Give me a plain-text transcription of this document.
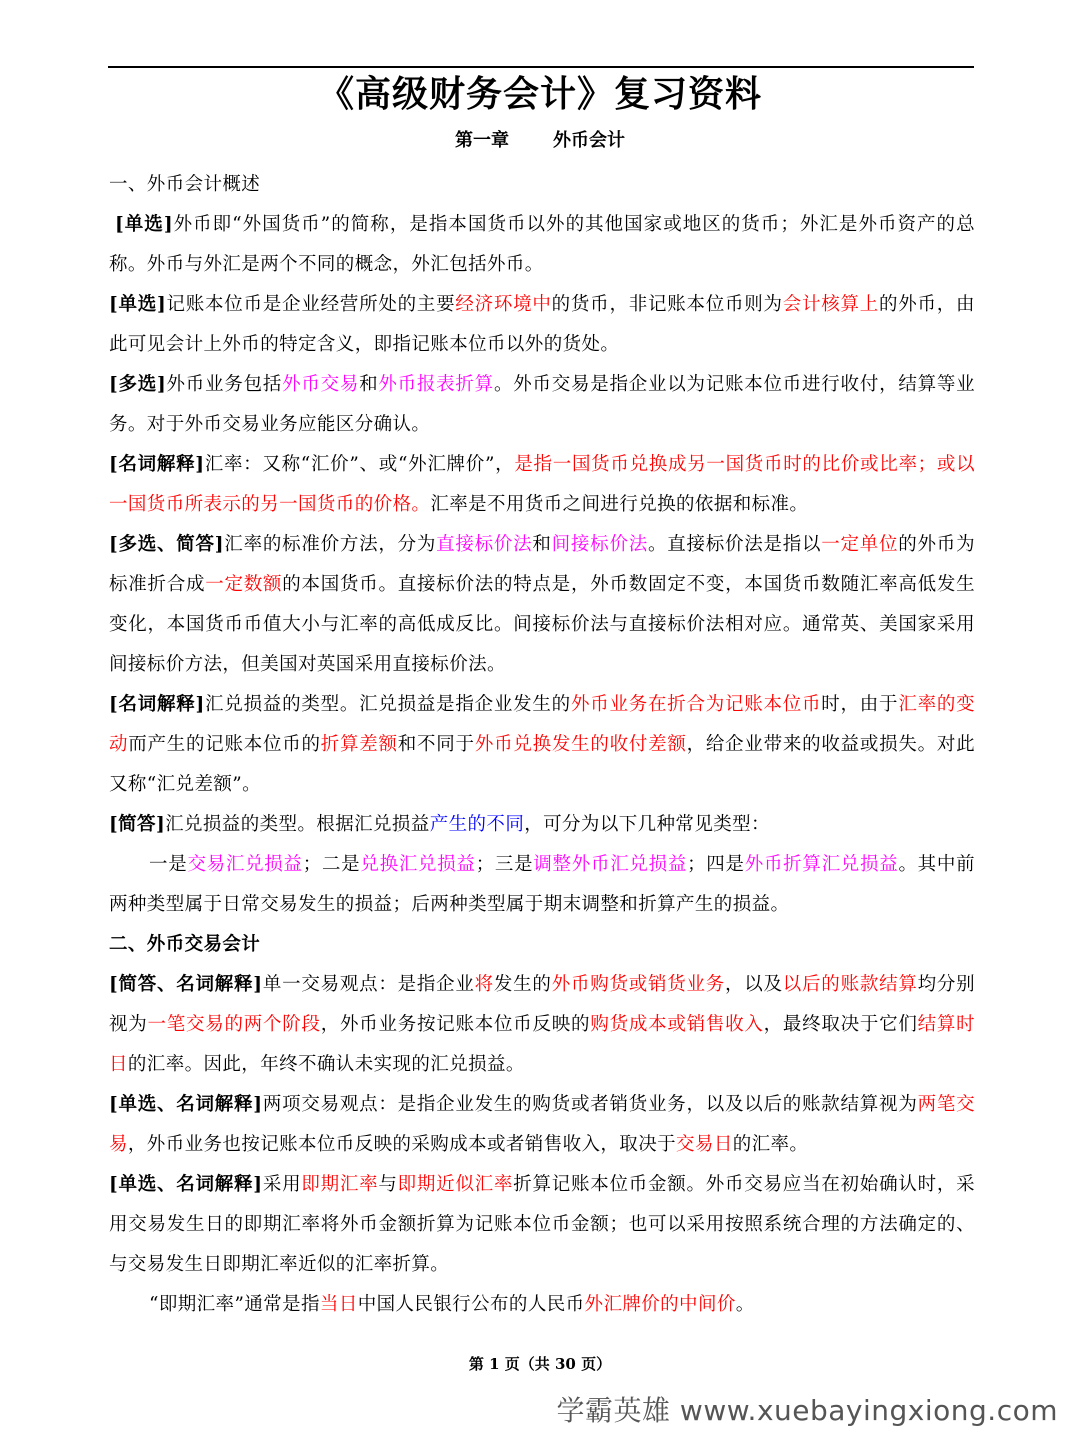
《高级财务会计》复习资料
第一章 外币会计

一、外币会计概述

[单选]外币即“外国货币”的简称，是指本国货币以外的其他国家或地区的货币；外汇是外币资产的总称。外币与外汇是两个不同的概念，外汇包括外币。

[单选]记账本位币是企业经营所处的主要经济环境中的货币，非记账本位币则为会计核算上的外币，由此可见会计上外币的特定含义，即指记账本位币以外的货处。

[多选]外币业务包括外币交易和外币报表折算。外币交易是指企业以为记账本位币进行收付，结算等业务。对于外币交易业务应能区分确认。

[名词解释]汇率：又称“汇价”、或“外汇牌价”，是指一国货币兑换成另一国货币时的比价或比率；或以一国货币所表示的另一国货币的价格。汇率是不用货币之间进行兑换的依据和标准。

[多选、简答]汇率的标准价方法，分为直接标价法和间接标价法。直接标价法是指以一定单位的外币为标准折合成一定数额的本国货币。直接标价法的特点是，外币数固定不变，本国货币数随汇率高低发生变化，本国货币币值大小与汇率的高低成反比。间接标价法与直接标价法相对应。通常英、美国家采用间接标价方法，但美国对英国采用直接标价法。

[名词解释]汇兑损益的类型。汇兑损益是指企业发生的外币业务在折合为记账本位币时，由于汇率的变动而产生的记账本位币的折算差额和不同于外币兑换发生的收付差额，给企业带来的收益或损失。对此又称“汇兑差额”。

[简答]汇兑损益的类型。根据汇兑损益产生的不同，可分为以下几种常见类型：

一是交易汇兑损益；二是兑换汇兑损益；三是调整外币汇兑损益；四是外币折算汇兑损益。其中前两种类型属于日常交易发生的损益；后两种类型属于期末调整和折算产生的损益。

二、外币交易会计

[简答、名词解释]单一交易观点：是指企业将发生的外币购货或销货业务，以及以后的账款结算均分别视为一笔交易的两个阶段，外币业务按记账本位币反映的购货成本或销售收入，最终取决于它们结算时日的汇率。因此，年终不确认未实现的汇兑损益。

[单选、名词解释]两项交易观点：是指企业发生的购货或者销货业务，以及以后的账款结算视为两笔交易，外币业务也按记账本位币反映的采购成本或者销售收入，取决于交易日的汇率。

[单选、名词解释]采用即期汇率与即期近似汇率折算记账本位币金额。外币交易应当在初始确认时，采用交易发生日的即期汇率将外币金额折算为记账本位币金额；也可以采用按照系统合理的方法确定的、与交易发生日即期汇率近似的汇率折算。

“即期汇率”通常是指当日中国人民银行公布的人民币外汇牌价的中间价。

第 1 页（共 30 页）
学霸英雄 www.xuebayingxiong.com
